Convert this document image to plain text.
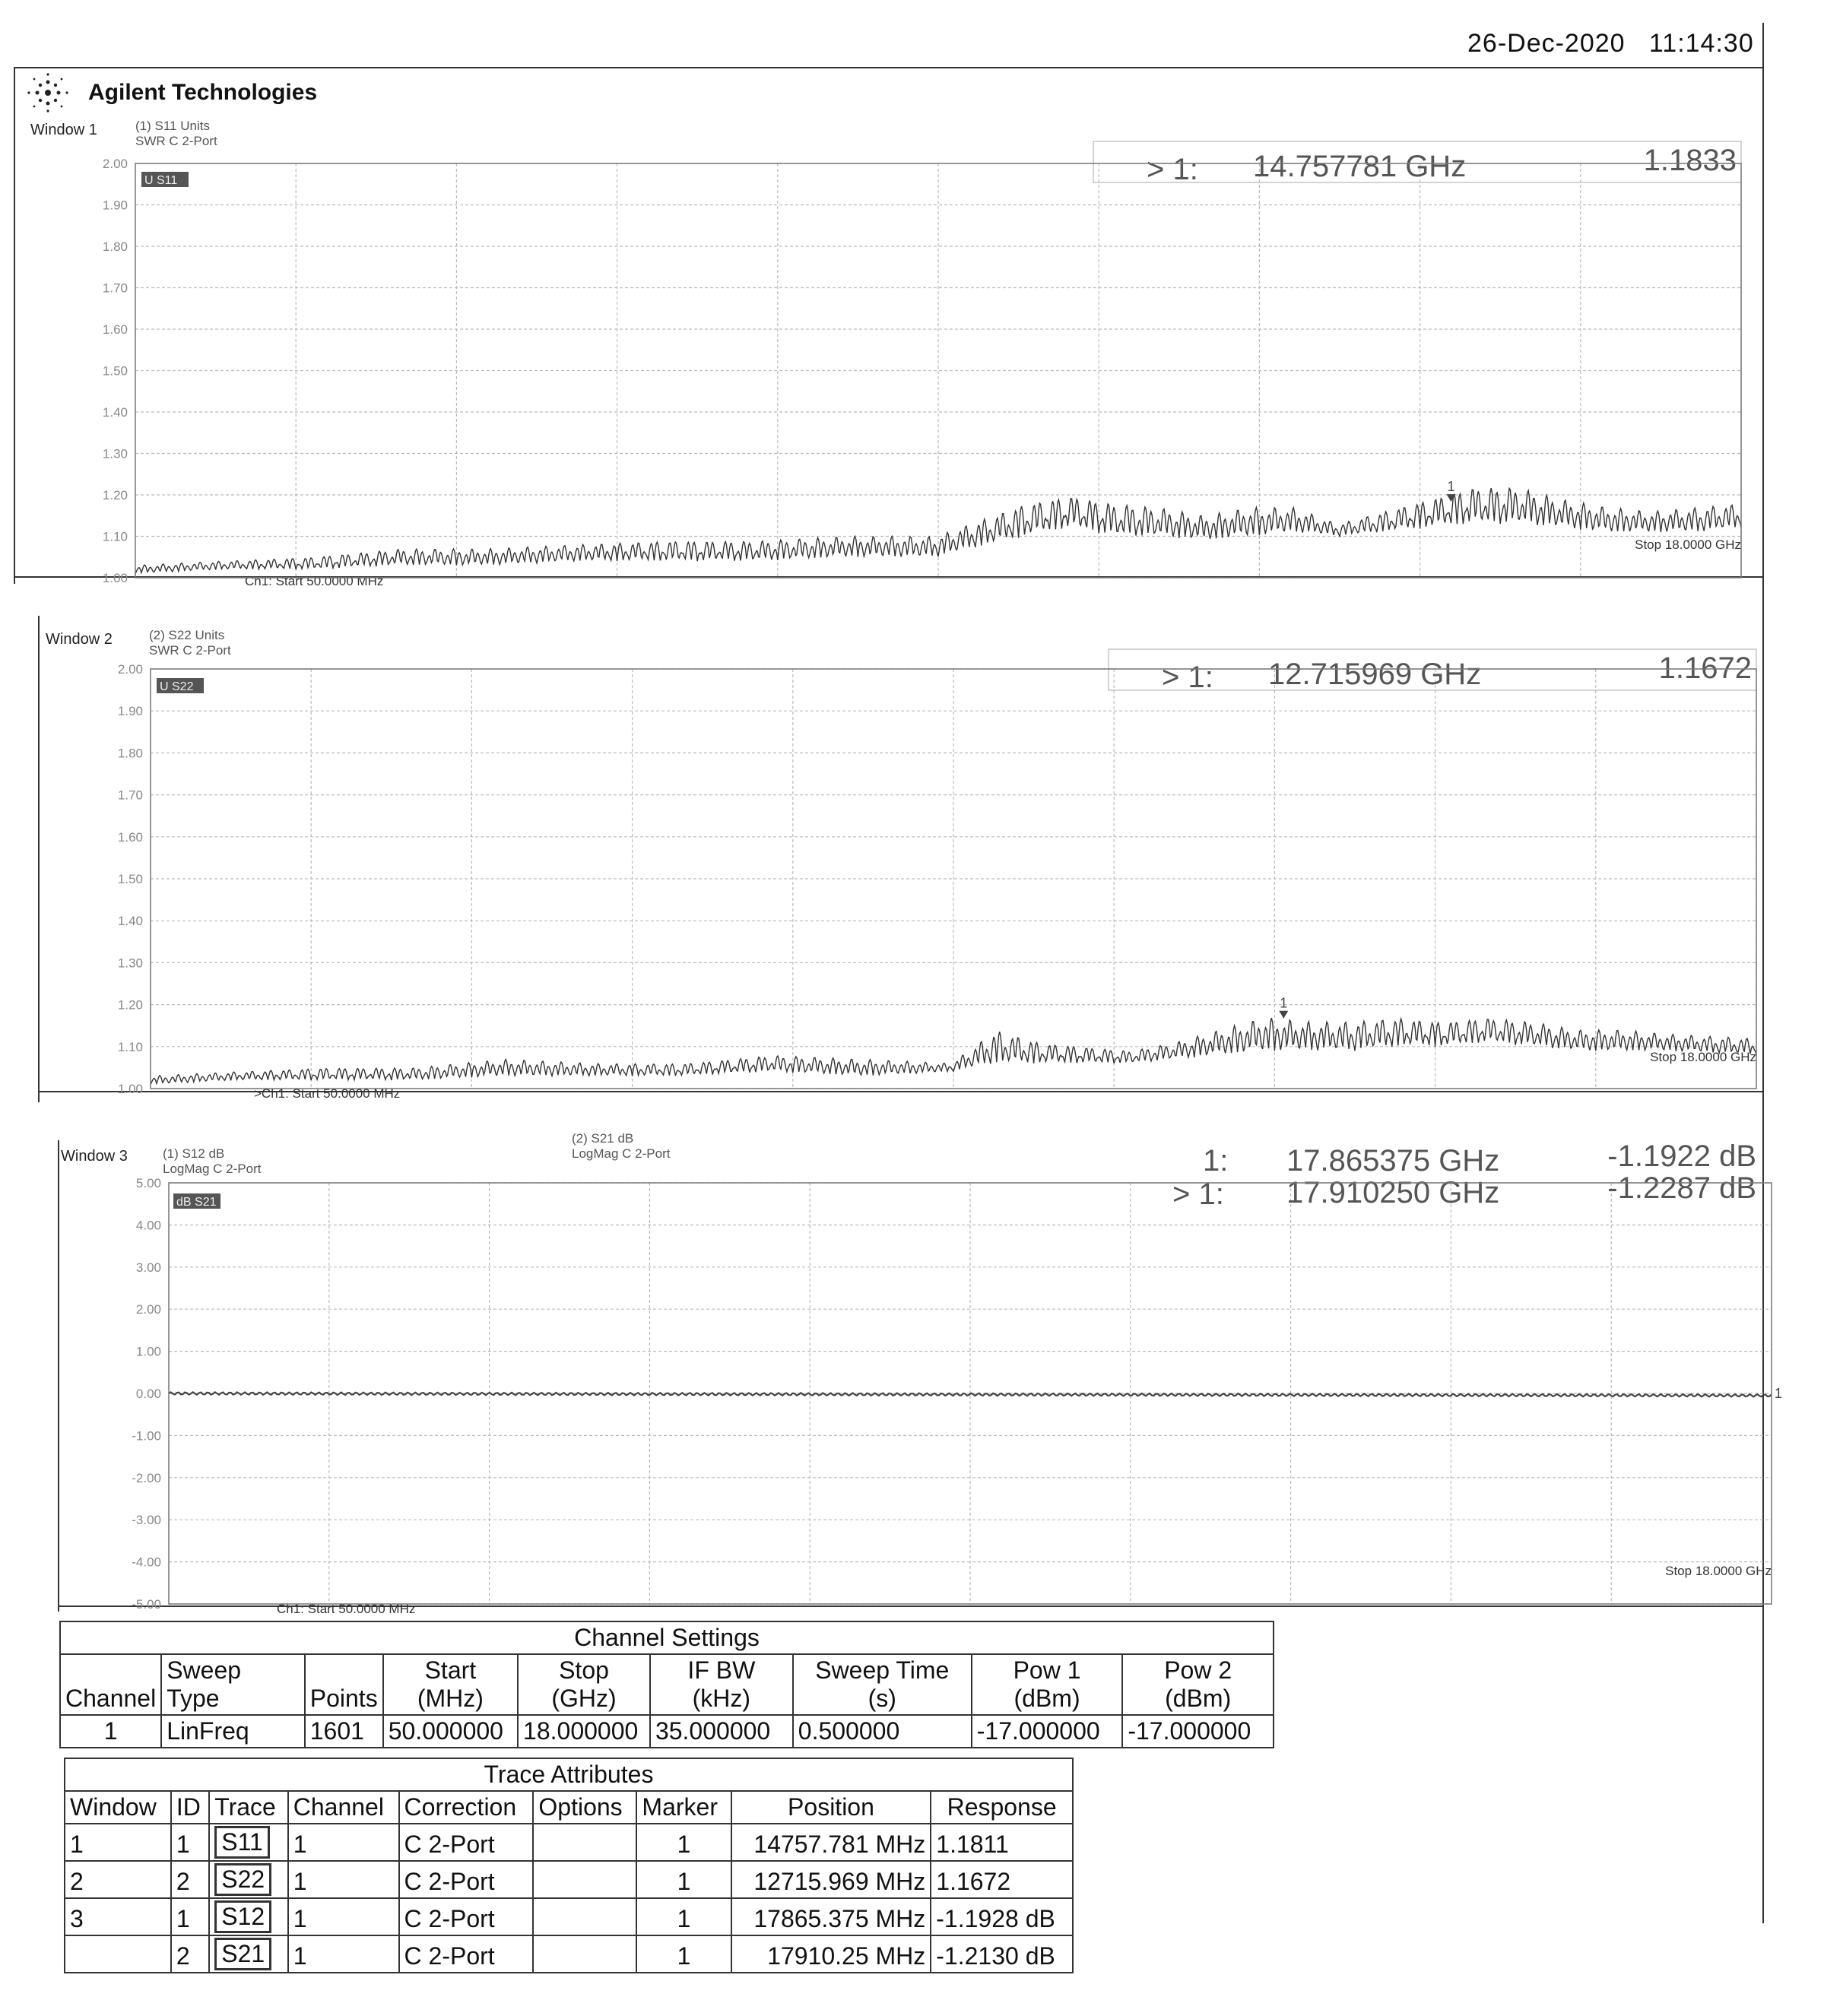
26-Dec-2020 11:14:30
Agilent Technologies
Window 1	(1) S11 Units
SWR C 2-Port
2.00
1.90
1.80
1.70
1.60
1.50
1.40
1.30
1.20
1.10
1.00
U S11
Ch1: Start 50.0000 MHz
Stop 18.0000 GHz
> 1: 14.757781 GHz	1.1833
1
2.00
1.90
1.80
1.70
1.60
1.50
1.40
1.30
1.20
1.10
1.00
U S22
>Ch1: Start 50.0000 MHz
Stop 18.0000 GHz
> 1: 12.715969 GHz	1.1672
1
5.00
4.00
3.00
2.00
1.00
0.00
-1.00
-2.00
-3.00
-4.00
-5.00
dB S21
Ch1: Start 50.0000 MHz
Stop 18.0000 GHz
1: 17.865375 GHz	-1.1922 dB
> 1: 17.910250 GHz	-1.2287 dB
1
Window 2	(2) S22 Units
SWR C 2-Port
Window 3	(1) S12 dB
LogMag C 2-Port
(2) S21 dB
LogMag C 2-Port
Channel Settings								
Channel	Sweep Type	Points	Start (MHz)	Stop (GHz)	IF BW (kHz)	Sweep Time (s)	Pow 1 (dBm)	Pow 2 (dBm)
1	LinFreq	1601	50.000000	18.000000	35.000000	0.500000	-17.000000	-17.000000
Trace Attributes								
Window	ID	Trace	Channel	Correction	Options	Marker	Position	Response
1	1	S11	1	C 2-Port		1	14757.781 MHz	1.1811
2	2	S22	1	C 2-Port		1	12715.969 MHz	1.1672
3	1	S12	1	C 2-Port		1	17865.375 MHz	-1.1928 dB
	2	S21	1	C 2-Port		1	17910.25 MHz	-1.2130 dB
